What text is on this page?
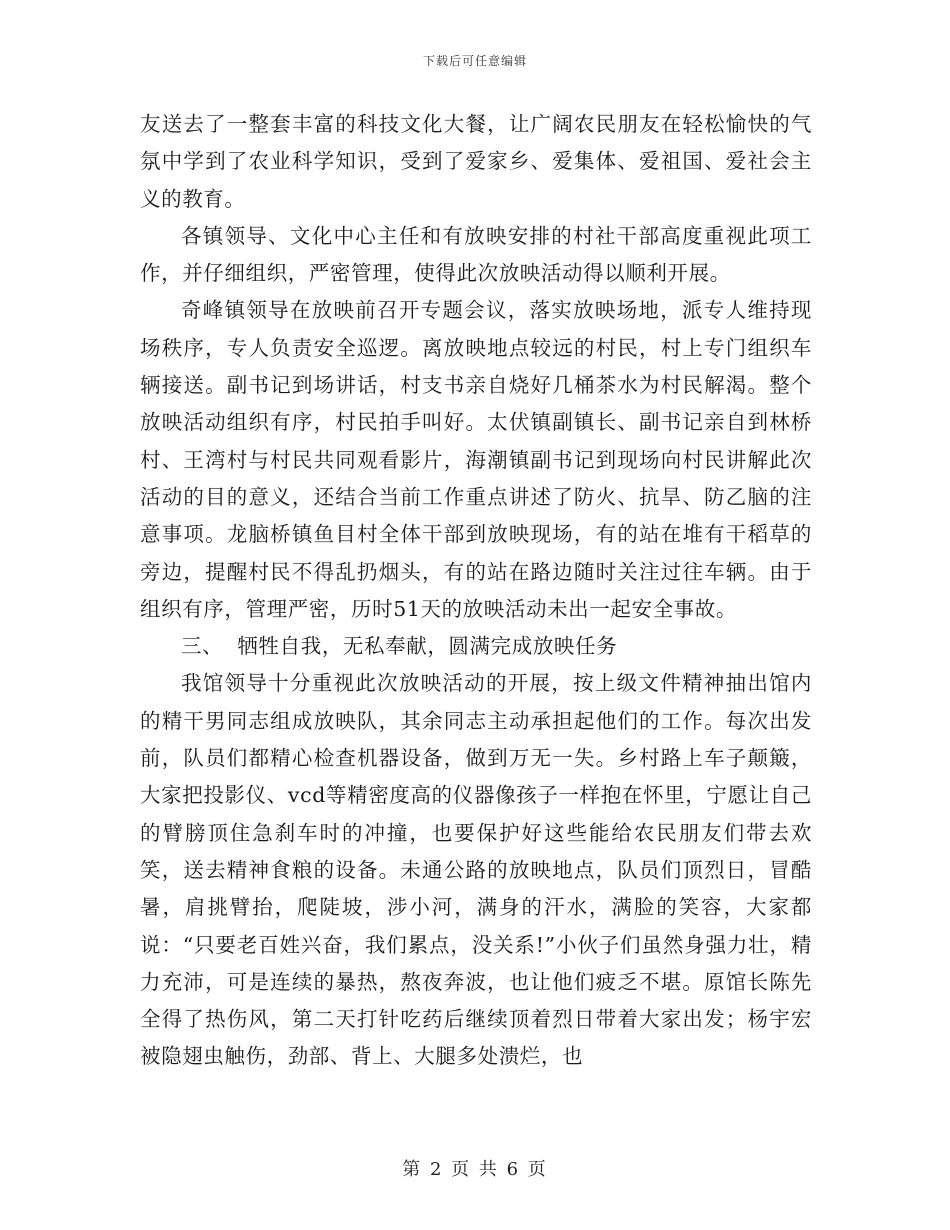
下载后可任意编辑

友送去了一整套丰富的科技文化大餐，让广阔农民朋友在轻松愉快的气氛中学到了农业科学知识，受到了爱家乡、爱集体、爱祖国、爱社会主义的教育。

各镇领导、文化中心主任和有放映安排的村社干部高度重视此项工作，并仔细组织，严密管理，使得此次放映活动得以顺利开展。

奇峰镇领导在放映前召开专题会议，落实放映场地，派专人维持现场秩序，专人负责安全巡逻。离放映地点较远的村民，村上专门组织车辆接送。副书记到场讲话，村支书亲自烧好几桶茶水为村民解渴。整个放映活动组织有序，村民拍手叫好。太伏镇副镇长、副书记亲自到林桥村、王湾村与村民共同观看影片，海潮镇副书记到现场向村民讲解此次活动的目的意义，还结合当前工作重点讲述了防火、抗旱、防乙脑的注意事项。龙脑桥镇鱼目村全体干部到放映现场，有的站在堆有干稻草的旁边，提醒村民不得乱扔烟头，有的站在路边随时关注过往车辆。由于组织有序，管理严密，历时51天的放映活动未出一起安全事故。

三、  牺牲自我，无私奉献，圆满完成放映任务

我馆领导十分重视此次放映活动的开展，按上级文件精神抽出馆内的精干男同志组成放映队，其余同志主动承担起他们的工作。每次出发前，队员们都精心检查机器设备，做到万无一失。乡村路上车子颠簸，大家把投影仪、vcd等精密度高的仪器像孩子一样抱在怀里，宁愿让自己的臂膀顶住急刹车时的冲撞，也要保护好这些能给农民朋友们带去欢笑，送去精神食粮的设备。未通公路的放映地点，队员们顶烈日，冒酷暑，肩挑臂抬，爬陡坡，涉小河，满身的汗水，满脸的笑容，大家都说：“只要老百姓兴奋，我们累点，没关系!”小伙子们虽然身强力壮，精力充沛，可是连续的暴热，熬夜奔波，也让他们疲乏不堪。原馆长陈先全得了热伤风，第二天打针吃药后继续顶着烈日带着大家出发；杨宇宏被隐翅虫触伤，劲部、背上、大腿多处溃烂，也

第 2 页 共 6 页
